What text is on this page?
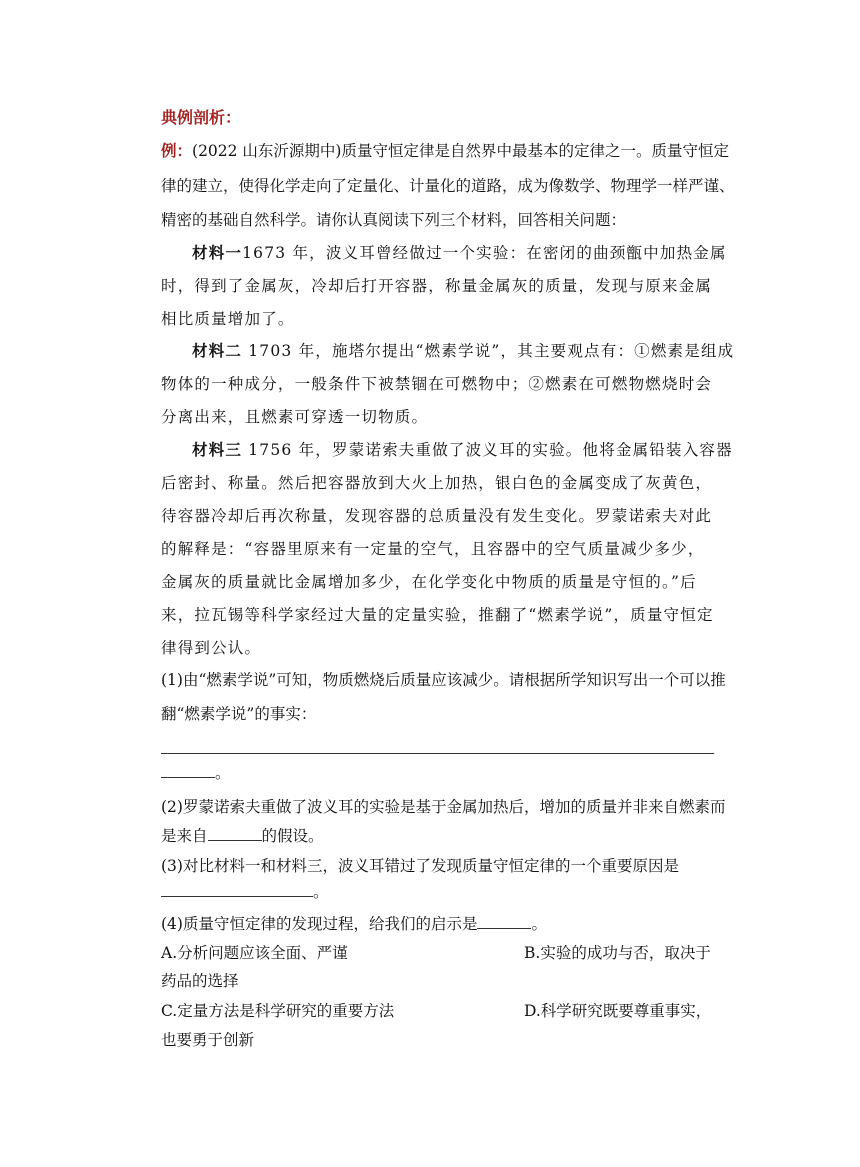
典例剖析：
例：(2022 山东沂源期中)质量守恒定律是自然界中最基本的定律之一。质量守恒定
律的建立，使得化学走向了定量化、计量化的道路，成为像数学、物理学一样严谨、
精密的基础自然科学。请你认真阅读下列三个材料，回答相关问题：
材料一1673 年，波义耳曾经做过一个实验：在密闭的曲颈甑中加热金属
时，得到了金属灰，冷却后打开容器，称量金属灰的质量，发现与原来金属
相比质量增加了。
材料二 1703 年，施塔尔提出“燃素学说”，其主要观点有：①燃素是组成
物体的一种成分，一般条件下被禁锢在可燃物中；②燃素在可燃物燃烧时会
分离出来，且燃素可穿透一切物质。
材料三 1756 年，罗蒙诺索夫重做了波义耳的实验。他将金属铅装入容器
后密封、称量。然后把容器放到大火上加热，银白色的金属变成了灰黄色，
待容器冷却后再次称量，发现容器的总质量没有发生变化。罗蒙诺索夫对此
的解释是：“容器里原来有一定量的空气，且容器中的空气质量减少多少，
金属灰的质量就比金属增加多少，在化学变化中物质的质量是守恒的。”后
来，拉瓦锡等科学家经过大量的定量实验，推翻了“燃素学说”，质量守恒定
律得到公认。
(1)由“燃素学说”可知，物质燃烧后质量应该减少。请根据所学知识写出一个可以推
翻“燃素学说”的事实：
。
(2)罗蒙诺索夫重做了波义耳的实验是基于金属加热后，增加的质量并非来自燃素而
是来自	的假设。
(3)对比材料一和材料三，波义耳错过了发现质量守恒定律的一个重要原因是
。
(4)质量守恒定律的发现过程，给我们的启示是	。
A.分析问题应该全面、严谨	B.实验的成功与否，取决于
药品的选择
C.定量方法是科学研究的重要方法	D.科学研究既要尊重事实，
也要勇于创新
